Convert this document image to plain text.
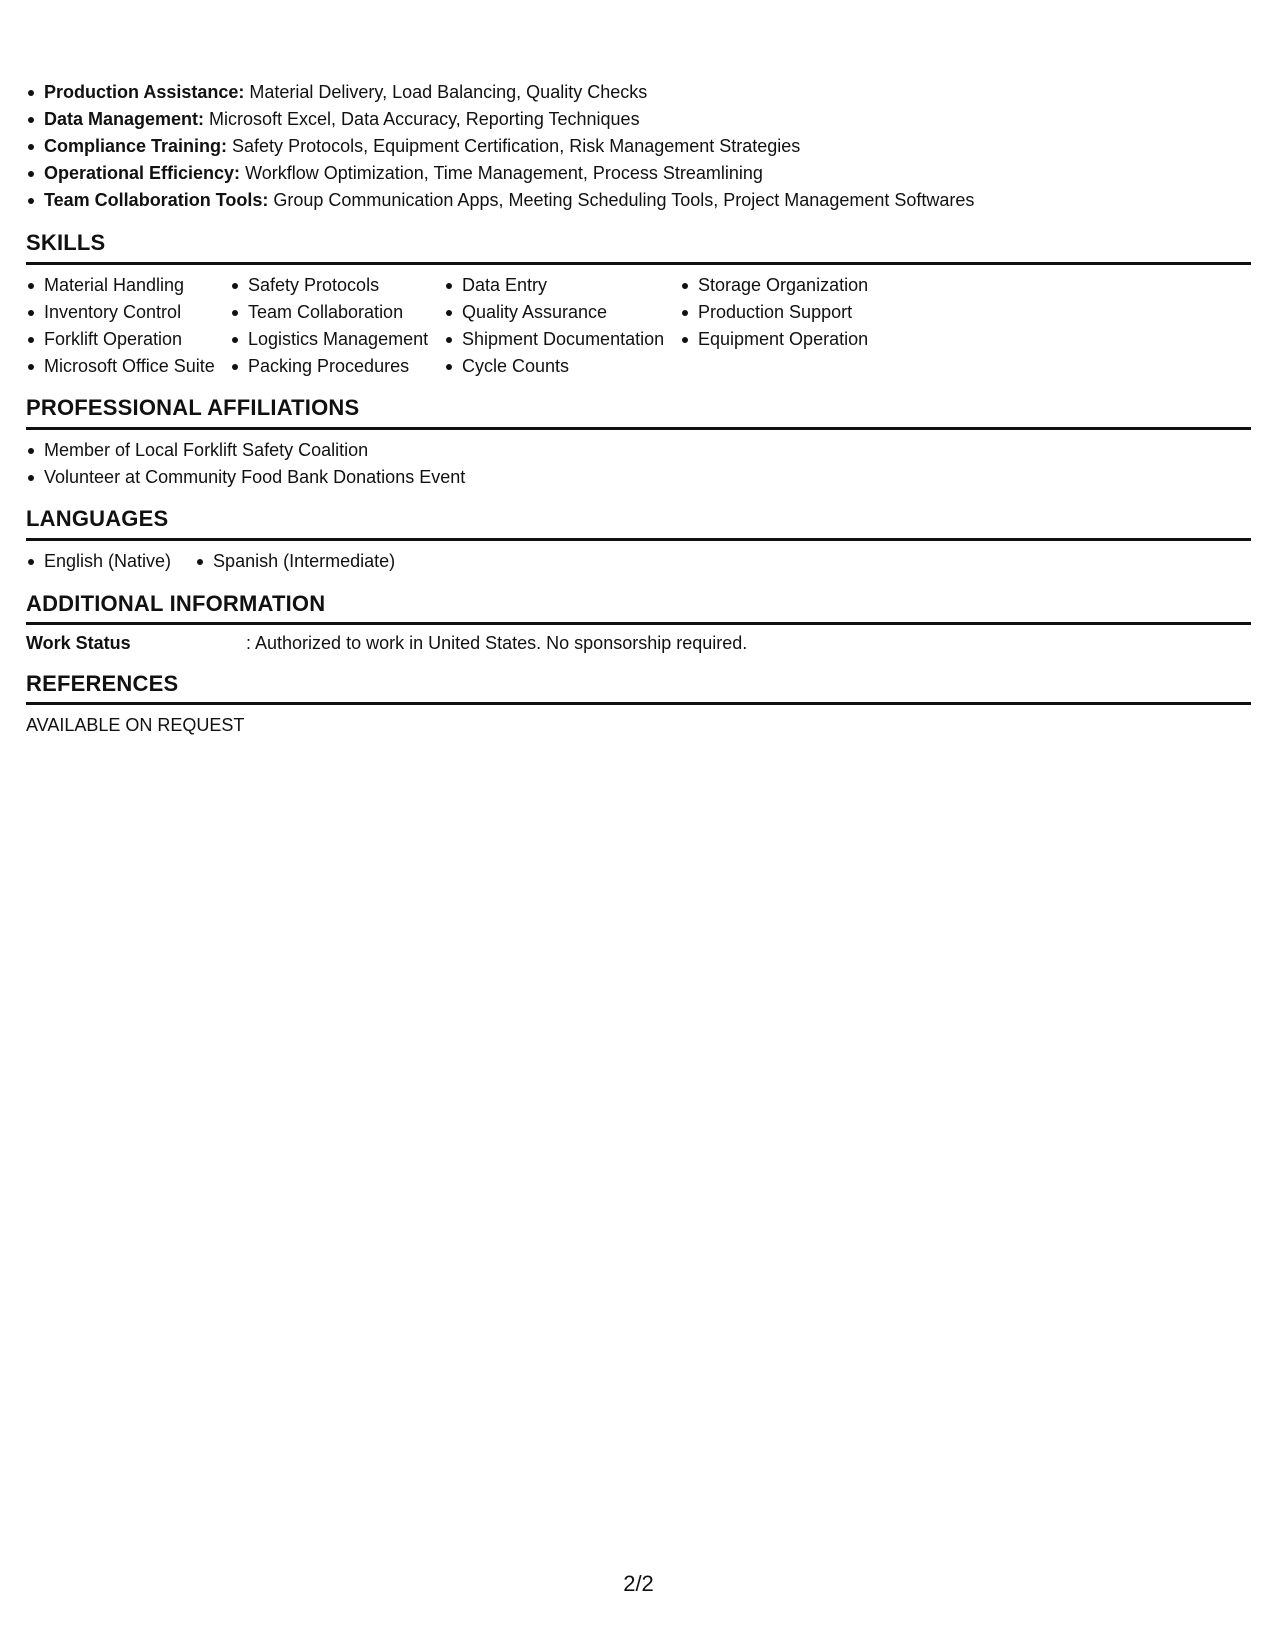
Production Assistance: Material Delivery, Load Balancing, Quality Checks
Data Management: Microsoft Excel, Data Accuracy, Reporting Techniques
Compliance Training: Safety Protocols, Equipment Certification, Risk Management Strategies
Operational Efficiency: Workflow Optimization, Time Management, Process Streamlining
Team Collaboration Tools: Group Communication Apps, Meeting Scheduling Tools, Project Management Softwares
SKILLS
Material Handling
Inventory Control
Forklift Operation
Microsoft Office Suite
Safety Protocols
Team Collaboration
Logistics Management
Packing Procedures
Data Entry
Quality Assurance
Shipment Documentation
Cycle Counts
Storage Organization
Production Support
Equipment Operation
PROFESSIONAL AFFILIATIONS
Member of Local Forklift Safety Coalition
Volunteer at Community Food Bank Donations Event
LANGUAGES
English (Native)	Spanish (Intermediate)
ADDITIONAL INFORMATION
Work Status	: Authorized to work in United States. No sponsorship required.
REFERENCES
AVAILABLE ON REQUEST
2/2
